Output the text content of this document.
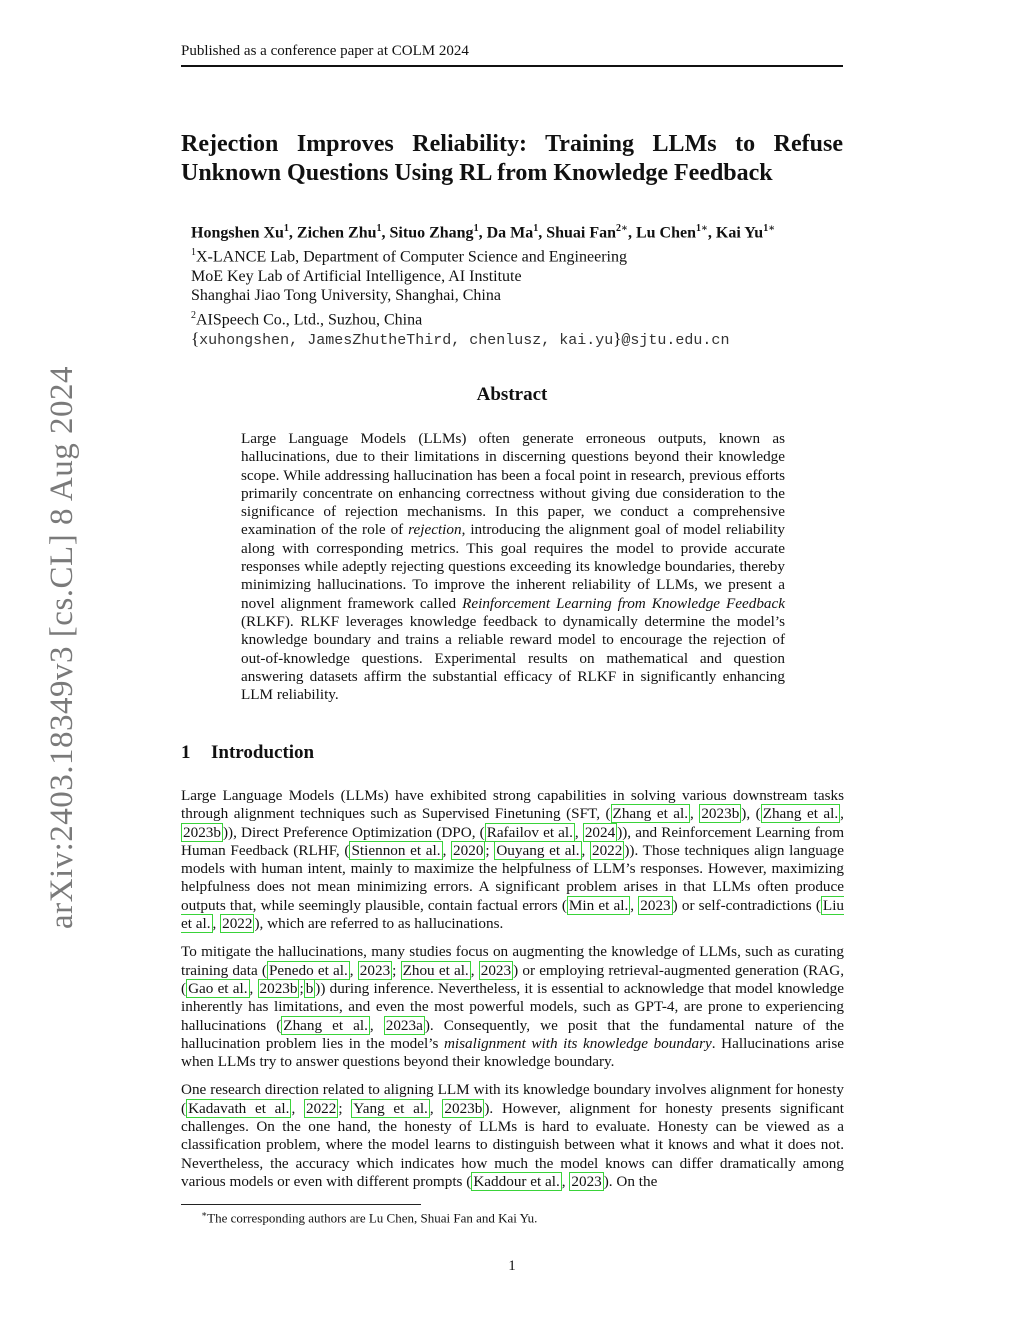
Published as a conference paper at COLM 2024
arXiv:2403.18349v3 [cs.CL] 8 Aug 2024
Rejection Improves Reliability: Training LLMs to Refuse Unknown Questions Using RL from Knowledge Feedback
Hongshen Xu$^1$, Zichen Zhu$^1$, Situo Zhang$^1$, Da Ma$^1$, Shuai Fan$^{2∗}$, Lu Chen$^{1∗}$, Kai $Yu^{1∗}$
$^1$X-LANCE Lab, Department of Computer Science and Engineering
MoE Key Lab of Artificial Intelligence, AI Institute
Shanghai Jiao Tong University, Shanghai, China
$^2$AISpeech Co., Ltd., Suzhou, China
{xuhongshen, JamesZhutheThird, chenlusz, kai.yu}@sjtu.edu.cn
Abstract

Large Language Models (LLMs) often generate erroneous outputs, known as hallucinations, due to their limitations in discerning questions beyond their knowledge scope. While addressing hallucination has been a focal point in research, previous efforts primarily concentrate on enhancing correctness without giving due consideration to the significance of rejection mechanisms. In this paper, we conduct a comprehensive examination of the role of rejection, introducing the alignment goal of model reliability along with corresponding metrics. This goal requires the model to provide accurate responses while adeptly rejecting questions exceeding its knowledge boundaries, thereby minimizing hallucinations. To improve the inherent reliability of LLMs, we present a novel alignment framework called Reinforcement Learning from Knowledge Feedback (RLKF). RLKF leverages knowledge feedback to dynamically determine the model’s knowledge boundary and trains a reliable reward model to encourage the rejection of out-of-knowledge questions. Experimental results on mathematical and question answering datasets affirm the substantial efficacy of RLKF in significantly enhancing LLM reliability.

1 Introduction

Large Language Models (LLMs) have exhibited strong capabilities in solving various downstream tasks through alignment techniques such as Supervised Finetuning (SFT, ( Zhang et al. , 2023b ), ( Zhang et al. , 2023b )), Direct Preference Optimization (DPO, ( Rafailov et al. , 2024 )), and Reinforcement Learning from Human Feedback (RLHF, ( Stiennon et al. , 2020 ; Ouyang et al. , 2022 )). Those techniques align language models with human intent, mainly to maximize the helpfulness of LLM’s responses. However, maximizing helpfulness does not mean minimizing errors. A significant problem arises in that LLMs often produce outputs that, while seemingly plausible, contain factual errors ( Min et al. , 2023 ) or self-contradictions ( Liu et al. , 2022 ), which are referred to as hallucinations.

To mitigate the hallucinations, many studies focus on augmenting the knowledge of LLMs, such as curating training data ( Penedo et al. , 2023 ; Zhou et al. , 2023 ) or employing retrieval-augmented generation (RAG, ( Gao et al. , 2023b ; b )) during inference. Nevertheless, it is essential to acknowledge that model knowledge inherently has limitations, and even the most powerful models, such as GPT-4, are prone to experiencing hallucinations ( Zhang et al. , 2023a ). Consequently, we posit that the fundamental nature of the hallucination problem lies in the model’s misalignment with its knowledge boundary. Hallucinations arise when LLMs try to answer questions beyond their knowledge boundary.

One research direction related to aligning LLM with its knowledge boundary involves alignment for honesty ( Kadavath et al. , 2022 ; Yang et al. , 2023b ). However, alignment for honesty presents significant challenges. On the one hand, the honesty of LLMs is hard to evaluate. Honesty can be viewed as a classification problem, where the model learns to distinguish between what it knows and what it does not. Nevertheless, the accuracy which indicates how much the model knows can differ dramatically among various models or even with different prompts ( Kaddour et al. , 2023 ). On the

∗The corresponding authors are Lu Chen, Shuai Fan and Kai Yu.
1
